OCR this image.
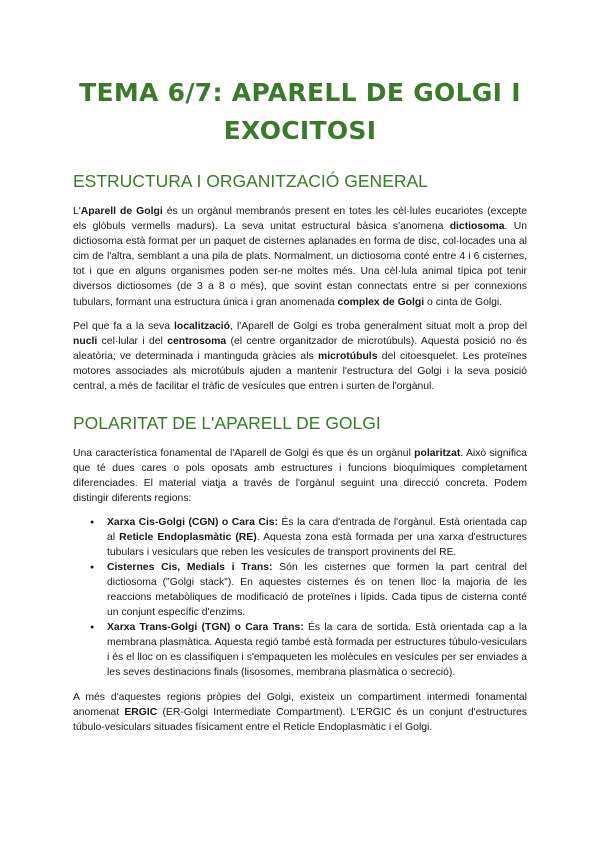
TEMA 6/7: APARELL DE GOLGI I
EXOCITOSI
ESTRUCTURA I ORGANITZACIÓ GENERAL

L'Aparell de Golgi és un orgànul membranós present en totes les cèl·lules eucariotes (excepte els glòbuls vermells madurs). La seva unitat estructural bàsica s'anomena dictiosoma. Un dictiosoma està format per un paquet de cisternes aplanades en forma de disc, col·locades una al cim de l'altra, semblant a una pila de plats. Normalment, un dictiosoma conté entre 4 i 6 cisternes, tot i que en alguns organismes poden ser-ne moltes més. Una cèl·lula animal típica pot tenir diversos dictiosomes (de 3 a 8 o més), que sovint estan connectats entre si per connexions tubulars, formant una estructura única i gran anomenada complex de Golgi o cinta de Golgi.

Pel que fa a la seva localització, l'Aparell de Golgi es troba generalment situat molt a prop del nucli cel·lular i del centrosoma (el centre organitzador de microtúbuls). Aquesta posició no és aleatòria; ve determinada i mantinguda gràcies als microtúbuls del citoesquelet. Les proteïnes motores associades als microtúbuls ajuden a mantenir l'estructura del Golgi i la seva posició central, a més de facilitar el tràfic de vesícules que entren i surten de l'orgànul.

POLARITAT DE L'APARELL DE GOLGI

Una característica fonamental de l'Aparell de Golgi és que és un orgànul polaritzat. Això significa que té dues cares o pols oposats amb estructures i funcions bioquímiques completament diferenciades. El material viatja a través de l'orgànul seguint una direcció concreta. Podem distingir diferents regions:

● Xarxa Cis-Golgi (CGN) o Cara Cis: És la cara d'entrada de l'orgànul. Està orientada cap al Reticle Endoplasmàtic (RE). Aquesta zona està formada per una xarxa d'estructures tubulars i vesiculars que reben les vesícules de transport provinents del RE.
● Cisternes Cis, Medials i Trans: Són les cisternes que formen la part central del dictiosoma ("Golgi stack"). En aquestes cisternes és on tenen lloc la majoria de les reaccions metabòliques de modificació de proteïnes i lípids. Cada tipus de cisterna conté un conjunt específic d'enzims.
● Xarxa Trans-Golgi (TGN) o Cara Trans: És la cara de sortida. Està orientada cap a la membrana plasmàtica. Aquesta regió també està formada per estructures túbulo-vesiculars i és el lloc on es classifiquen i s'empaqueten les molècules en vesícules per ser enviades a les seves destinacions finals (lisosomes, membrana plasmàtica o secreció).

A més d'aquestes regions pròpies del Golgi, existeix un compartiment intermedi fonamental anomenat ERGIC (ER-Golgi Intermediate Compartment). L'ERGIC és un conjunt d'estructures túbulo-vesiculars situades físicament entre el Reticle Endoplasmàtic i el Golgi.
